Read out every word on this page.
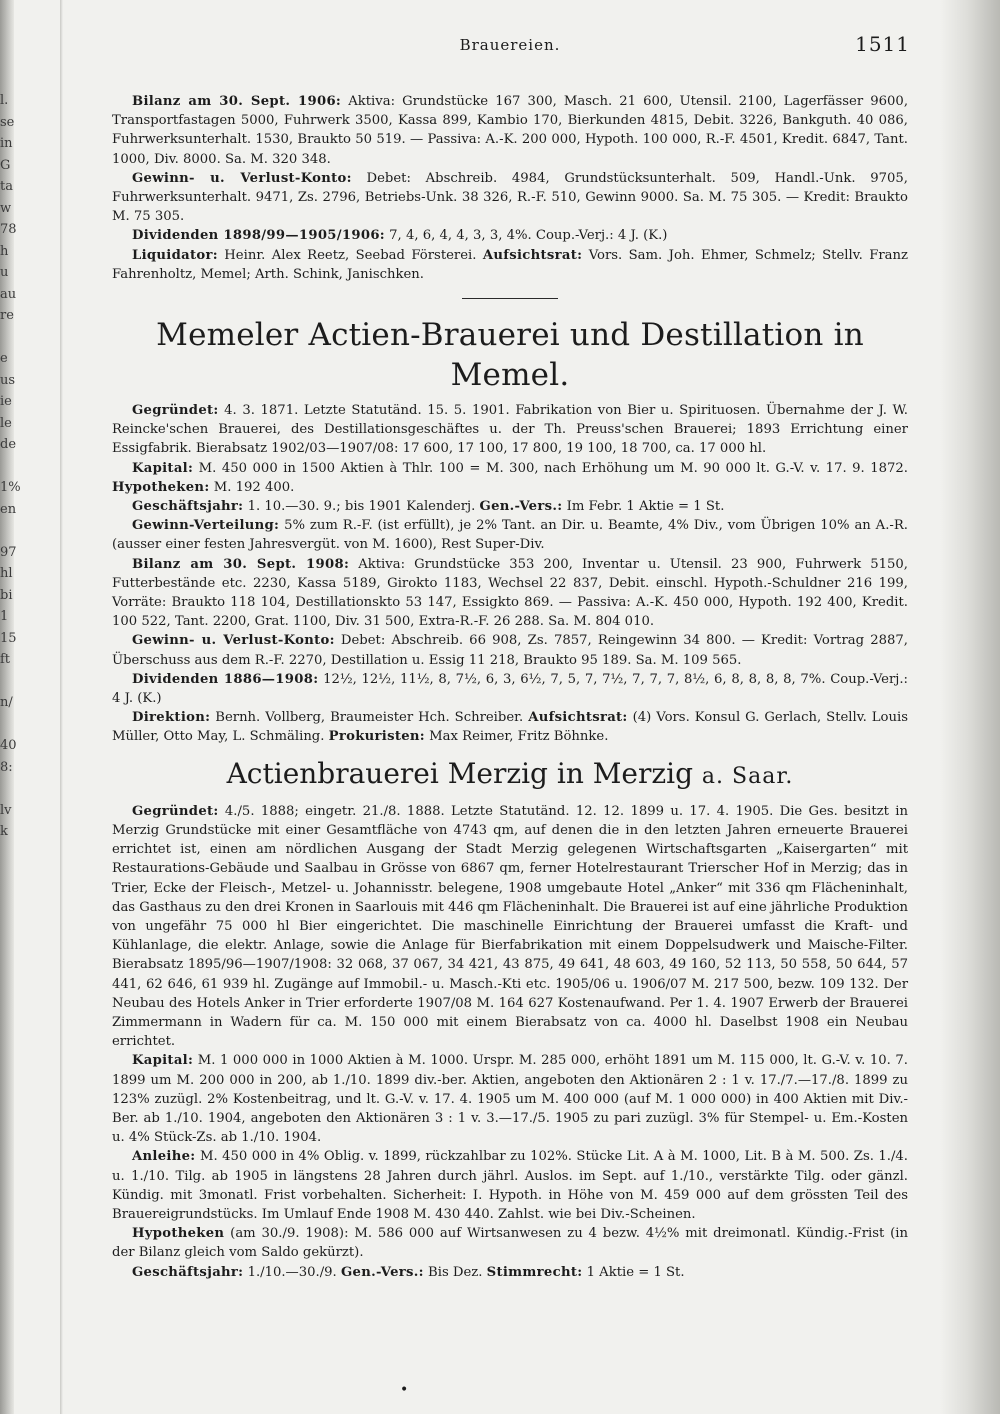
l.
se
in
G
ta
w
78
h
u
au
re
e
us
ie
le
de
1%
en
97
hl
bi
1
15
ft
n/
40
8:
lv
k
Brauereien.	1511

Bilanz am 30. Sept. 1906: Aktiva: Grundstücke 167 300, Masch. 21 600, Utensil. 2100, Lagerfässer 9600, Transportfastagen 5000, Fuhrwerk 3500, Kassa 899, Kambio 170, Bierkunden 4815, Debit. 3226, Bankguth. 40 086, Fuhrwerksunterhalt. 1530, Braukto 50 519. — Passiva: A.-K. 200 000, Hypoth. 100 000, R.-F. 4501, Kredit. 6847, Tant. 1000, Div. 8000. Sa. M. 320 348.

Gewinn- u. Verlust-Konto: Debet: Abschreib. 4984, Grundstücksunterhalt. 509, Handl.-Unk. 9705, Fuhrwerksunterhalt. 9471, Zs. 2796, Betriebs-Unk. 38 326, R.-F. 510, Gewinn 9000. Sa. M. 75 305. — Kredit: Braukto M. 75 305.

Dividenden 1898/99—1905/1906: 7, 4, 6, 4, 4, 3, 3, 4%. Coup.-Verj.: 4 J. (K.)

Liquidator: Heinr. Alex Reetz, Seebad Försterei. Aufsichtsrat: Vors. Sam. Joh. Ehmer, Schmelz; Stellv. Franz Fahrenholtz, Memel; Arth. Schink, Janischken.

Memeler Actien-Brauerei und Destillation in Memel.

Gegründet: 4. 3. 1871. Letzte Statutänd. 15. 5. 1901. Fabrikation von Bier u. Spirituosen. Übernahme der J. W. Reincke'schen Brauerei, des Destillationsgeschäftes u. der Th. Preuss'schen Brauerei; 1893 Errichtung einer Essigfabrik. Bierabsatz 1902/03—1907/08: 17 600, 17 100, 17 800, 19 100, 18 700, ca. 17 000 hl.

Kapital: M. 450 000 in 1500 Aktien à Thlr. 100 = M. 300, nach Erhöhung um M. 90 000 lt. G.-V. v. 17. 9. 1872. Hypotheken: M. 192 400.

Geschäftsjahr: 1. 10.—30. 9.; bis 1901 Kalenderj. Gen.-Vers.: Im Febr. 1 Aktie = 1 St.

Gewinn-Verteilung: 5% zum R.-F. (ist erfüllt), je 2% Tant. an Dir. u. Beamte, 4% Div., vom Übrigen 10% an A.-R. (ausser einer festen Jahresvergüt. von M. 1600), Rest Super-Div.

Bilanz am 30. Sept. 1908: Aktiva: Grundstücke 353 200, Inventar u. Utensil. 23 900, Fuhrwerk 5150, Futterbestände etc. 2230, Kassa 5189, Girokto 1183, Wechsel 22 837, Debit. einschl. Hypoth.-Schuldner 216 199, Vorräte: Braukto 118 104, Destillationskto 53 147, Essigkto 869. — Passiva: A.-K. 450 000, Hypoth. 192 400, Kredit. 100 522, Tant. 2200, Grat. 1100, Div. 31 500, Extra-R.-F. 26 288. Sa. M. 804 010.

Gewinn- u. Verlust-Konto: Debet: Abschreib. 66 908, Zs. 7857, Reingewinn 34 800. — Kredit: Vortrag 2887, Überschuss aus dem R.-F. 2270, Destillation u. Essig 11 218, Braukto 95 189. Sa. M. 109 565.

Dividenden 1886—1908: 12½, 12½, 11½, 8, 7½, 6, 3, 6½, 7, 5, 7, 7½, 7, 7, 7, 8½, 6, 8, 8, 8, 8, 7%. Coup.-Verj.: 4 J. (K.)

Direktion: Bernh. Vollberg, Braumeister Hch. Schreiber. Aufsichtsrat: (4) Vors. Konsul G. Gerlach, Stellv. Louis Müller, Otto May, L. Schmäling. Prokuristen: Max Reimer, Fritz Böhnke.

Actienbrauerei Merzig in Merzig a. Saar.

Gegründet: 4./5. 1888; eingetr. 21./8. 1888. Letzte Statutänd. 12. 12. 1899 u. 17. 4. 1905. Die Ges. besitzt in Merzig Grundstücke mit einer Gesamtfläche von 4743 qm, auf denen die in den letzten Jahren erneuerte Brauerei errichtet ist, einen am nördlichen Ausgang der Stadt Merzig gelegenen Wirtschaftsgarten „Kaisergarten“ mit Restaurations-Gebäude und Saalbau in Grösse von 6867 qm, ferner Hotelrestaurant Trierscher Hof in Merzig; das in Trier, Ecke der Fleisch-, Metzel- u. Johannisstr. belegene, 1908 umgebaute Hotel „Anker“ mit 336 qm Flächeninhalt, das Gasthaus zu den drei Kronen in Saarlouis mit 446 qm Flächeninhalt. Die Brauerei ist auf eine jährliche Produktion von ungefähr 75 000 hl Bier eingerichtet. Die maschinelle Einrichtung der Brauerei umfasst die Kraft- und Kühlanlage, die elektr. Anlage, sowie die Anlage für Bierfabrikation mit einem Doppelsudwerk und Maische-Filter. Bierabsatz 1895/96—1907/1908: 32 068, 37 067, 34 421, 43 875, 49 641, 48 603, 49 160, 52 113, 50 558, 50 644, 57 441, 62 646, 61 939 hl. Zugänge auf Immobil.- u. Masch.-Kti etc. 1905/06 u. 1906/07 M. 217 500, bezw. 109 132. Der Neubau des Hotels Anker in Trier erforderte 1907/08 M. 164 627 Kostenaufwand. Per 1. 4. 1907 Erwerb der Brauerei Zimmermann in Wadern für ca. M. 150 000 mit einem Bierabsatz von ca. 4000 hl. Daselbst 1908 ein Neubau errichtet.

Kapital: M. 1 000 000 in 1000 Aktien à M. 1000. Urspr. M. 285 000, erhöht 1891 um M. 115 000, lt. G.-V. v. 10. 7. 1899 um M. 200 000 in 200, ab 1./10. 1899 div.-ber. Aktien, angeboten den Aktionären 2 : 1 v. 17./7.—17./8. 1899 zu 123% zuzügl. 2% Kostenbeitrag, und lt. G.-V. v. 17. 4. 1905 um M. 400 000 (auf M. 1 000 000) in 400 Aktien mit Div.-Ber. ab 1./10. 1904, angeboten den Aktionären 3 : 1 v. 3.—17./5. 1905 zu pari zuzügl. 3% für Stempel- u. Em.-Kosten u. 4% Stück-Zs. ab 1./10. 1904.

Anleihe: M. 450 000 in 4% Oblig. v. 1899, rückzahlbar zu 102%. Stücke Lit. A à M. 1000, Lit. B à M. 500. Zs. 1./4. u. 1./10. Tilg. ab 1905 in längstens 28 Jahren durch jährl. Auslos. im Sept. auf 1./10., verstärkte Tilg. oder gänzl. Kündig. mit 3monatl. Frist vorbehalten. Sicherheit: I. Hypoth. in Höhe von M. 459 000 auf dem grössten Teil des Brauereigrundstücks. Im Umlauf Ende 1908 M. 430 440. Zahlst. wie bei Div.-Scheinen.

Hypotheken (am 30./9. 1908): M. 586 000 auf Wirtsanwesen zu 4 bezw. 4½% mit dreimonatl. Kündig.-Frist (in der Bilanz gleich vom Saldo gekürzt).

Geschäftsjahr: 1./10.—30./9. Gen.-Vers.: Bis Dez. Stimmrecht: 1 Aktie = 1 St.

•
